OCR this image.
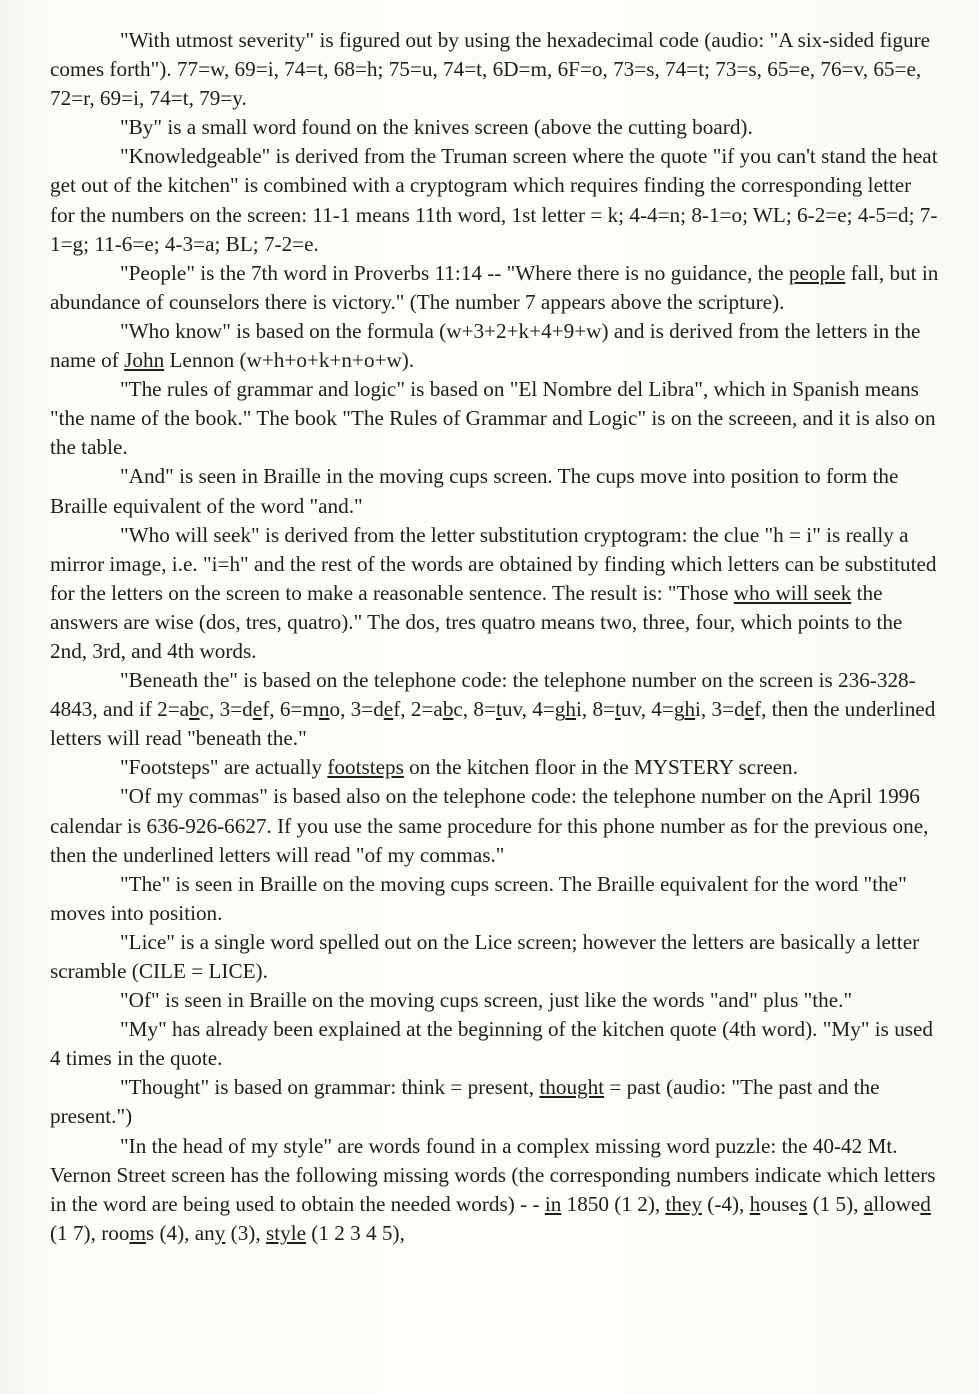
"With utmost severity" is figured out by using the hexadecimal code (audio: "A six-sided figure comes forth"). 77=w, 69=i, 74=t, 68=h; 75=u, 74=t, 6D=m, 6F=o, 73=s, 74=t; 73=s, 65=e, 76=v, 65=e, 72=r, 69=i, 74=t, 79=y.

"By" is a small word found on the knives screen (above the cutting board).

"Knowledgeable" is derived from the Truman screen where the quote "if you can't stand the heat get out of the kitchen" is combined with a cryptogram which requires finding the corresponding letter for the numbers on the screen: 11-1 means 11th word, 1st letter = k; 4-4=n; 8-1=o; WL; 6-2=e; 4-5=d; 7-1=g; 11-6=e; 4-3=a; BL; 7-2=e.

"People" is the 7th word in Proverbs 11:14 -- "Where there is no guidance, the people fall, but in abundance of counselors there is victory." (The number 7 appears above the scripture).

"Who know" is based on the formula (w+3+2+k+4+9+w) and is derived from the letters in the name of John Lennon (w+h+o+k+n+o+w).

"The rules of grammar and logic" is based on "El Nombre del Libra", which in Spanish means "the name of the book." The book "The Rules of Grammar and Logic" is on the screeen, and it is also on the table.

"And" is seen in Braille in the moving cups screen. The cups move into position to form the Braille equivalent of the word "and."

"Who will seek" is derived from the letter substitution cryptogram: the clue "h = i" is really a mirror image, i.e. "i=h" and the rest of the words are obtained by finding which letters can be substituted for the letters on the screen to make a reasonable sentence. The result is: "Those who will seek the answers are wise (dos, tres, quatro)." The dos, tres quatro means two, three, four, which points to the 2nd, 3rd, and 4th words.

"Beneath the" is based on the telephone code: the telephone number on the screen is 236-328-4843, and if 2=abc, 3=def, 6=mno, 3=def, 2=abc, 8=tuv, 4=ghi, 8=tuv, 4=ghi, 3=def, then the underlined letters will read "beneath the."

"Footsteps" are actually footsteps on the kitchen floor in the MYSTERY screen.

"Of my commas" is based also on the telephone code: the telephone number on the April 1996 calendar is 636-926-6627. If you use the same procedure for this phone number as for the previous one, then the underlined letters will read "of my commas."

"The" is seen in Braille on the moving cups screen. The Braille equivalent for the word "the" moves into position.

"Lice" is a single word spelled out on the Lice screen; however the letters are basically a letter scramble (CILE = LICE).

"Of" is seen in Braille on the moving cups screen, just like the words "and" plus "the."

"My" has already been explained at the beginning of the kitchen quote (4th word). "My" is used 4 times in the quote.

"Thought" is based on grammar: think = present, thought = past (audio: "The past and the present.")

"In the head of my style" are words found in a complex missing word puzzle: the 40-42 Mt. Vernon Street screen has the following missing words (the corresponding numbers indicate which letters in the word are being used to obtain the needed words) - - in 1850 (1 2), they (-4), houses (1 5), allowed (1 7), rooms (4), any (3), style (1 2 3 4 5),
